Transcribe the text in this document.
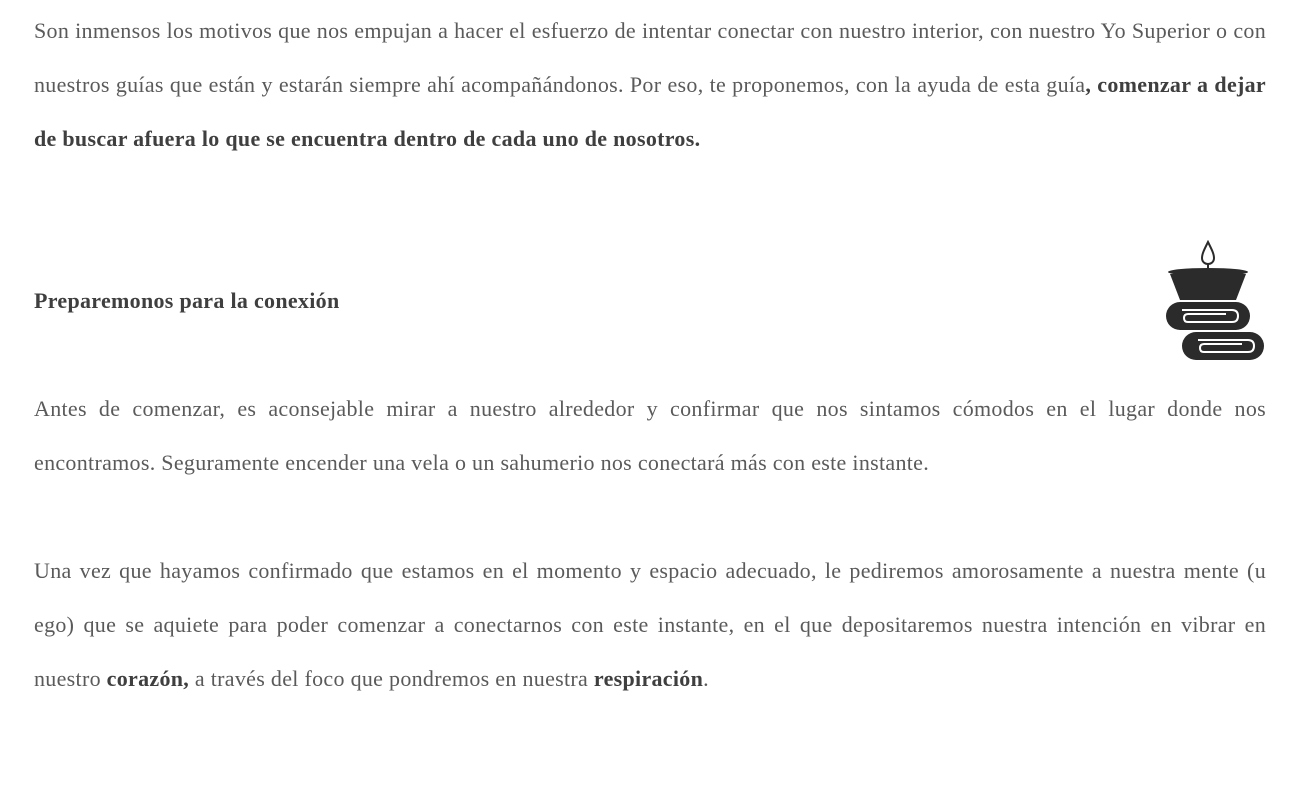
Son inmensos los motivos que nos empujan a hacer el esfuerzo de intentar conectar con nuestro interior, con nuestro Yo Superior o con nuestros guías que están y estarán siempre ahí acompañándonos. Por eso, te proponemos, con la ayuda de esta guía, comenzar a dejar de buscar afuera lo que se encuentra dentro de cada uno de nosotros.

Preparemonos para la conexión

Antes de comenzar, es aconsejable mirar a nuestro alrededor y confirmar que nos sintamos cómodos en el lugar donde nos encontramos. Seguramente encender una vela o un sahumerio nos conectará más con este instante.

Una vez que hayamos confirmado que estamos en el momento y espacio adecuado, le pediremos amorosamente a nuestra mente (u ego) que se aquiete para poder comenzar a conectarnos con este instante, en el que depositaremos nuestra intención en vibrar en nuestro corazón, a través del foco que pondremos en nuestra respiración.
